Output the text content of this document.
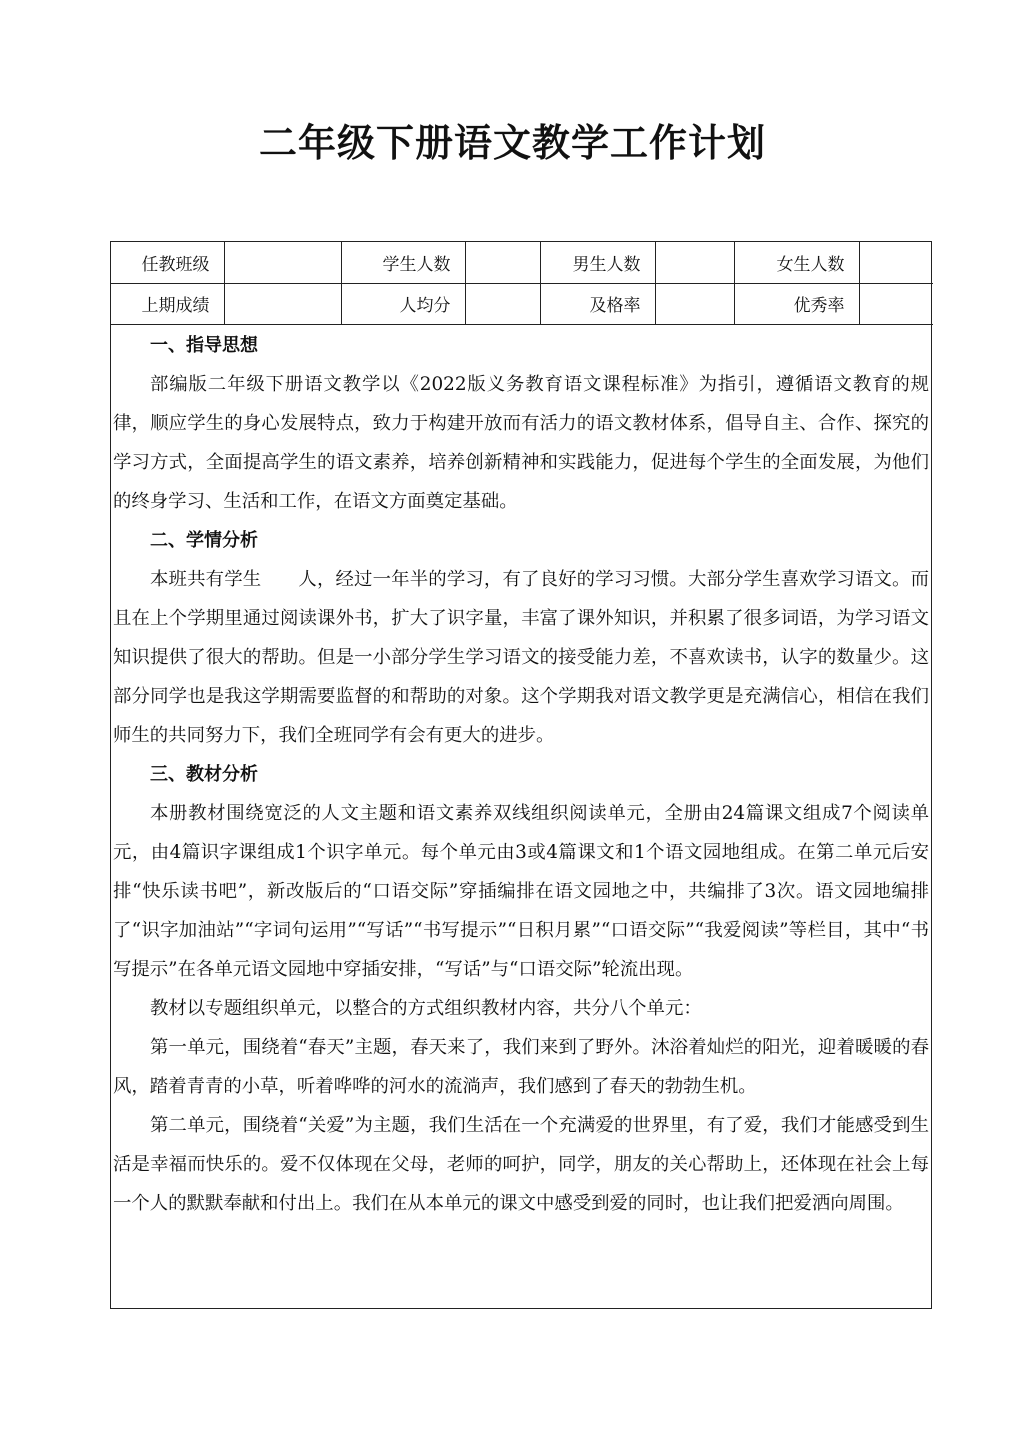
二年级下册语文教学工作计划
任教班级		学生人数		男生人数		女生人数	
上期成绩		人均分		及格率		优秀率	

一、指导思想

部编版二年级下册语文教学以《2022版义务教育语文课程标准》为指引，遵循语文教育的规律，顺应学生的身心发展特点，致力于构建开放而有活力的语文教材体系，倡导自主、合作、探究的学习方式，全面提高学生的语文素养，培养创新精神和实践能力，促进每个学生的全面发展，为他们的终身学习、生活和工作，在语文方面奠定基础。

二、学情分析

本班共有学生　　人，经过一年半的学习，有了良好的学习习惯。大部分学生喜欢学习语文。而且在上个学期里通过阅读课外书，扩大了识字量，丰富了课外知识，并积累了很多词语，为学习语文知识提供了很大的帮助。但是一小部分学生学习语文的接受能力差，不喜欢读书，认字的数量少。这部分同学也是我这学期需要监督的和帮助的对象。这个学期我对语文教学更是充满信心，相信在我们师生的共同努力下，我们全班同学有会有更大的进步。

三、教材分析

本册教材围绕宽泛的人文主题和语文素养双线组织阅读单元，全册由24篇课文组成7个阅读单元，由4篇识字课组成1个识字单元。每个单元由3或4篇课文和1个语文园地组成。在第二单元后安排“快乐读书吧”，新改版后的“口语交际”穿插编排在语文园地之中，共编排了3次。语文园地编排了“识字加油站”“字词句运用”“写话”“书写提示”“日积月累”“口语交际”“我爱阅读”等栏目，其中“书写提示”在各单元语文园地中穿插安排，“写话”与“口语交际”轮流出现。

教材以专题组织单元，以整合的方式组织教材内容，共分八个单元：

第一单元，围绕着“春天”主题，春天来了，我们来到了野外。沐浴着灿烂的阳光，迎着暖暖的春风，踏着青青的小草，听着哗哗的河水的流淌声，我们感到了春天的勃勃生机。

第二单元，围绕着“关爱”为主题，我们生活在一个充满爱的世界里，有了爱，我们才能感受到生活是幸福而快乐的。爱不仅体现在父母，老师的呵护，同学，朋友的关心帮助上，还体现在社会上每一个人的默默奉献和付出上。我们在从本单元的课文中感受到爱的同时，也让我们把爱洒向周围。
